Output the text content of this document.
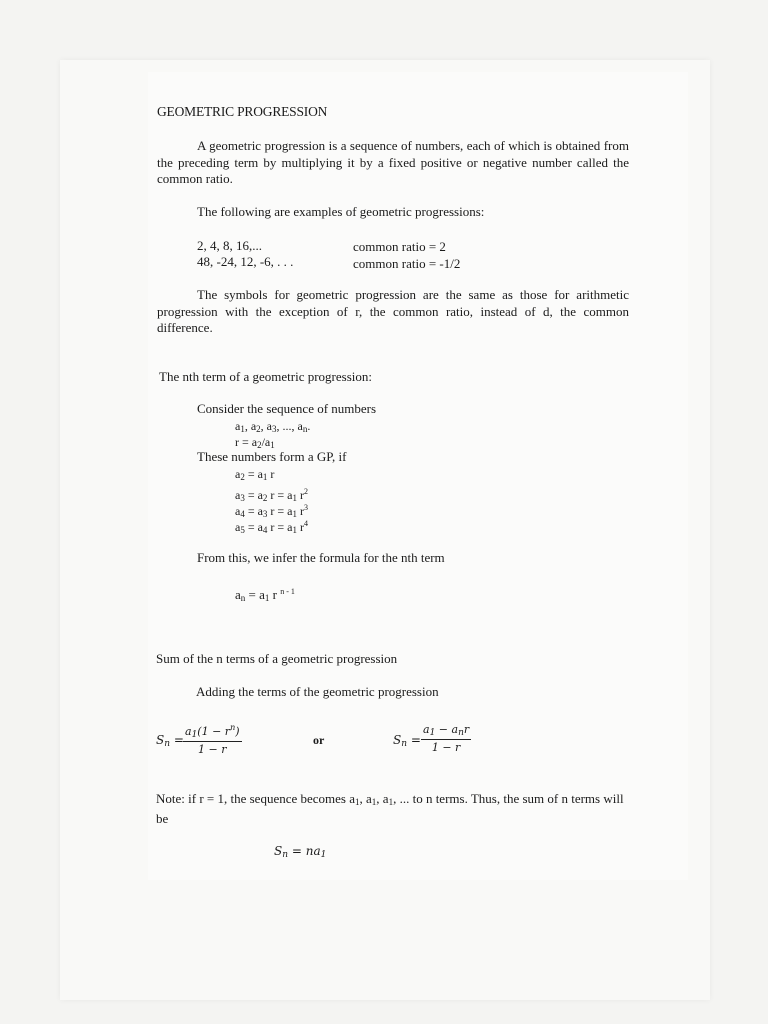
GEOMETRIC PROGRESSION
A geometric progression is a sequence of numbers, each of which is obtained from the preceding term by multiplying it by a fixed positive or negative number called the common ratio.
The following are examples of geometric progressions:
2, 4, 8, 16,...	common ratio = 2
48, -24, 12, -6, . . .	common ratio = -1/2
The symbols for geometric progression are the same as those for arithmetic progression with the exception of r, the common ratio, instead of d, the common difference.
The nth term of a geometric progression:
Consider the sequence of numbers
$a_1$, $a_2$, $a_3$, ..., $a_n$.
$r = a_2/a_1$
These numbers form a GP, if
$a_2 = a_1$ r
$a_3 = a_2$ $r = a_1$ $r^2$
$a_4 = a_3$ $r = a_1$ $r^3$
$a_5 = a_4$ $r = a_1$ $r^4$
From this, we infer the formula for the nth term
$a_n = a_1$ r $^{n - 1}$
Sum of the n terms of a geometric progression
Adding the terms of the geometric progression
$S_n = \frac{a_1(1 - r^n)}{1 - r}$	or	$S_n$ =
$a_1 - a_nr$
1 − r
Note: if r = 1, the sequence becomes $a_1$, $a_1$, $a_1$, ... to n terms. Thus, the sum of n terms will be
$S_n = na_1$
